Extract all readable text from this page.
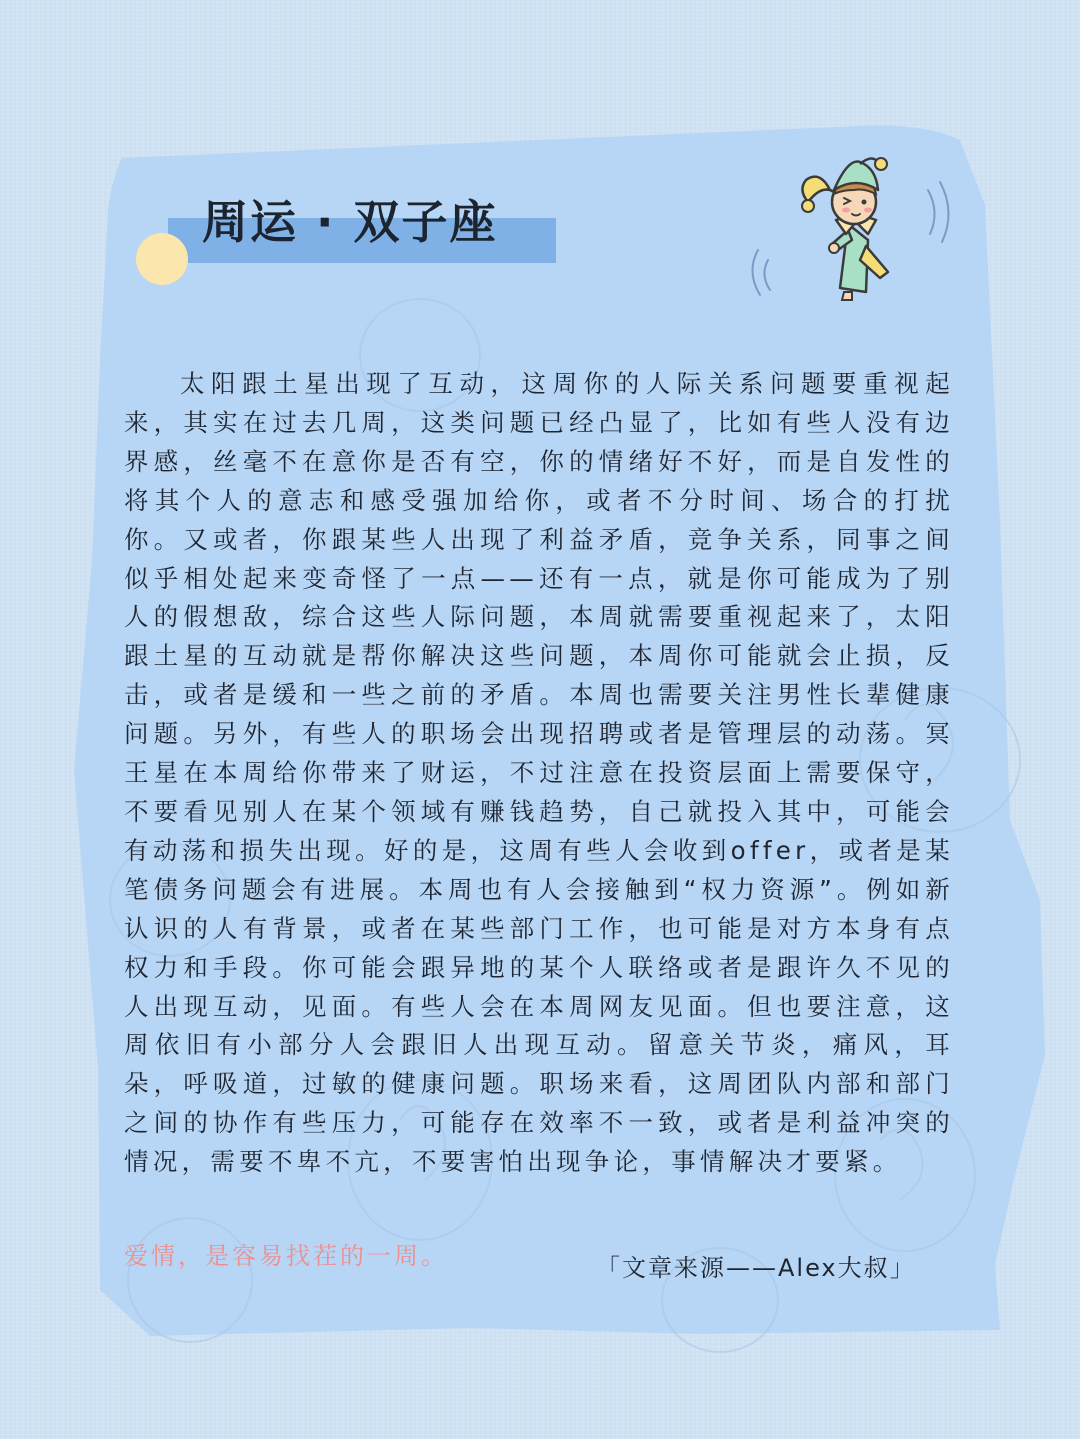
周运 · 双子座

太阳跟土星出现了互动，这周你的人际关系问题要重视起来，其实在过去几周，这类问题已经凸显了，比如有些人没有边界感，丝毫不在意你是否有空，你的情绪好不好，而是自发性的将其个人的意志和感受强加给你，或者不分时间、场合的打扰你。又或者，你跟某些人出现了利益矛盾，竞争关系，同事之间似乎相处起来变奇怪了一点——还有一点，就是你可能成为了别人的假想敌，综合这些人际问题，本周就需要重视起来了，太阳跟土星的互动就是帮你解决这些问题，本周你可能就会止损，反击，或者是缓和一些之前的矛盾。本周也需要关注男性长辈健康问题。另外，有些人的职场会出现招聘或者是管理层的动荡。冥王星在本周给你带来了财运，不过注意在投资层面上需要保守，不要看见别人在某个领域有赚钱趋势，自己就投入其中，可能会有动荡和损失出现。好的是，这周有些人会收到offer，或者是某笔债务问题会有进展。本周也有人会接触到“权力资源”。例如新认识的人有背景，或者在某些部门工作，也可能是对方本身有点权力和手段。你可能会跟异地的某个人联络或者是跟许久不见的人出现互动，见面。有些人会在本周网友见面。但也要注意，这周依旧有小部分人会跟旧人出现互动。留意关节炎，痛风，耳朵，呼吸道，过敏的健康问题。职场来看，这周团队内部和部门之间的协作有些压力，可能存在效率不一致，或者是利益冲突的情况，需要不卑不亢，不要害怕出现争论，事情解决才要紧。

爱情，是容易找茬的一周。	「文章来源——Alex大叔」
